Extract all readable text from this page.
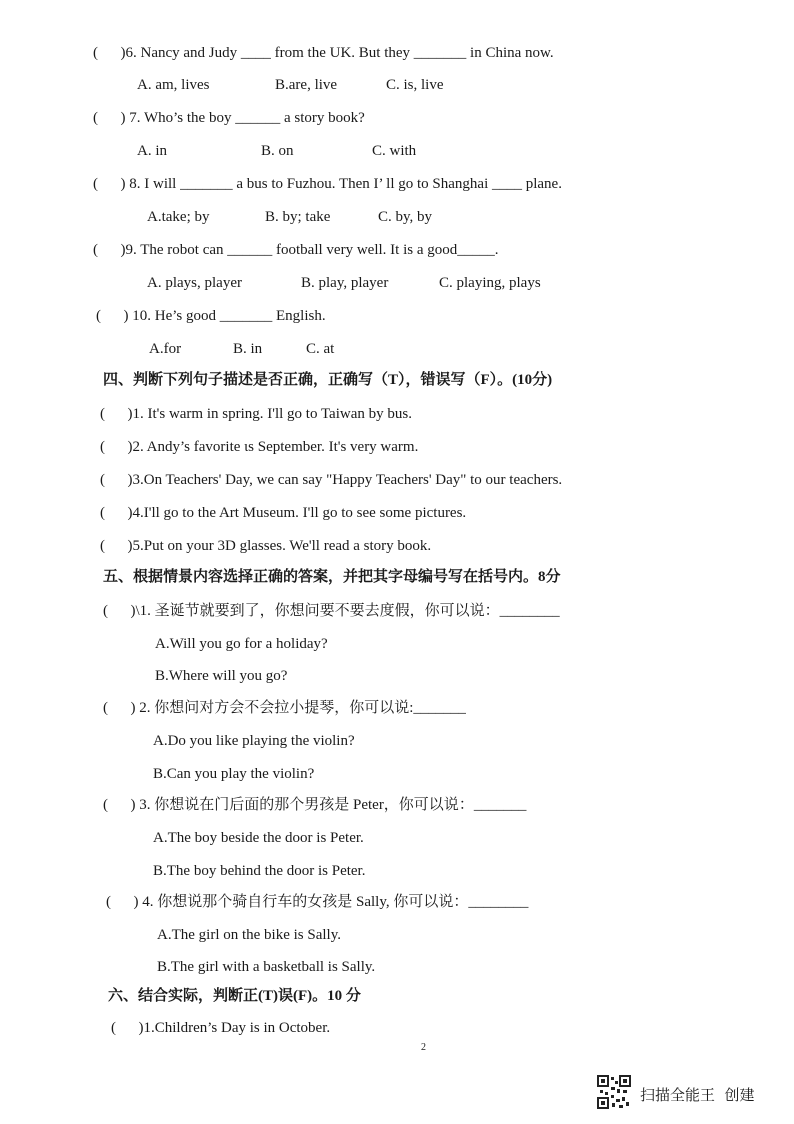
(      )6. Nancy and Judy ____ from the UK. But they _______ in China now.
A. am, lives	B.are, live	C. is, live
(      ) 7. Who’s the boy ______ a story book?
A. in	B. on	C. with
(      ) 8. I will _______ a bus to Fuzhou. Then I’ ll go to Shanghai ____ plane.
A.take; by	B. by; take	C. by, by
(      )9. The robot can ______ football very well. It is a good_____.
A. plays, player	B. play, player	C. playing, plays
(      ) 10. He’s good _______ English.
A.for	B. in	C. at
四、判断下列句子描述是否正确，正确写（T），错误写（F）。(10分)
(      )1. It's warm in spring. I'll go to Taiwan by bus.
(      )2. Andy’s favorite ιs September. It's very warm.
(      )3.On Teachers' Day, we can say "Happy Teachers' Day" to our teachers.
(      )4.I'll go to the Art Museum. I'll go to see some pictures.
(      )5.Put on your 3D glasses. We'll read a story book.
五、根据情景内容选择正确的答案，并把其字母编号写在括号内。8分
(      )\1. 圣诞节就要到了，你想问要不要去度假，你可以说：________
A.Will you go for a holiday?
B.Where will you go?
(      ) 2. 你想问对方会不会拉小提琴，你可以说:_______
A.Do you like playing the violin?
B.Can you play the violin?
(      ) 3. 你想说在门后面的那个男孩是 Peter，你可以说：_______
A.The boy beside the door is Peter.
B.The boy behind the door is Peter.
(      ) 4. 你想说那个骑自行车的女孩是 Sally, 你可以说：________
A.The girl on the bike is Sally.
B.The girl with a basketball is Sally.
六、结合实际，判断正(T)误(F)。10 分
(      )1.Children’s Day is in October.
2
扫描全能王  创建
